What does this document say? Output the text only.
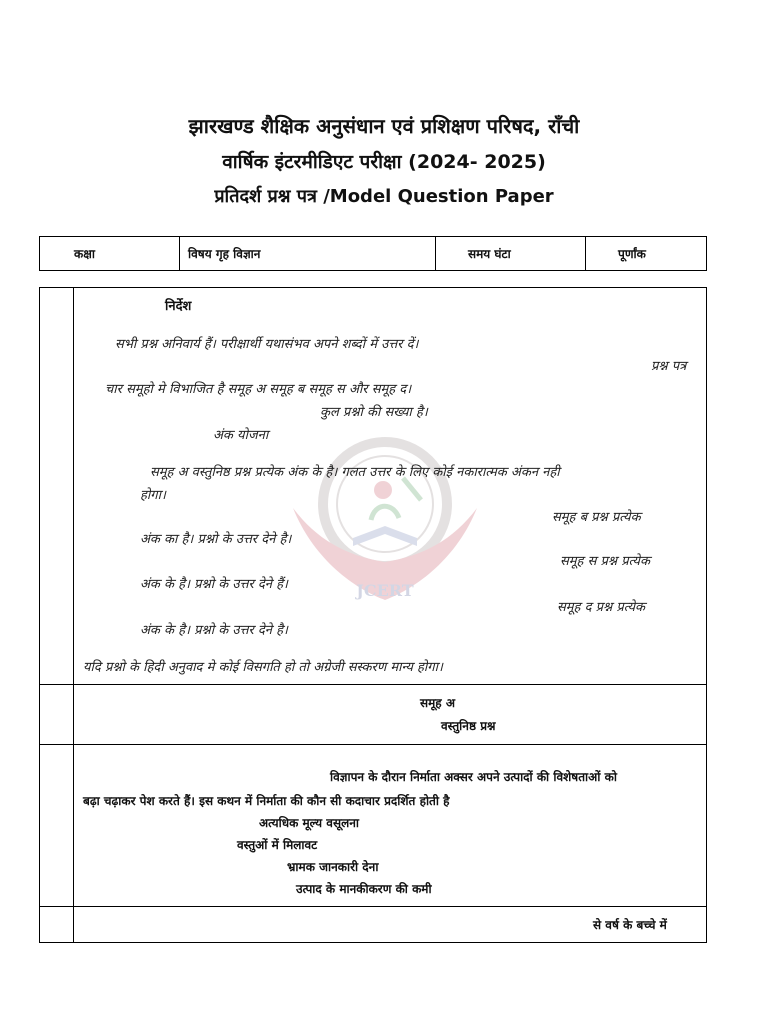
झारखण्ड शैक्षिक अनुसंधान एवं प्रशिक्षण परिषद, राँची
वार्षिक इंटरमीडिएट परीक्षा (2024- 2025)
प्रतिदर्श प्रश्न पत्र /Model Question Paper
कक्षा	विषय गृह विज्ञान	समय घंटा	पूर्णांक
JCERT
निर्देश
सभी प्रश्न अनिवार्य हैं। परीक्षार्थी यथासंभव अपने शब्दों में उत्तर दें।
प्रश्न पत्र
चार समूहो मे विभाजित है समूह अ समूह ब समूह स और समूह द।
कुल प्रश्नो की सख्या है।
अंक योजना
समूह अ वस्तुनिष्ठ प्रश्न प्रत्येक अंक के है। गलत उत्तर के लिए कोई नकारात्मक अंकन नही
होगा।
समूह ब प्रश्न प्रत्येक
अंक का है। प्रश्नो के उत्तर देने है।
समूह स प्रश्न प्रत्येक
अंक के है। प्रश्नो के उत्तर देने हैं।
समूह द प्रश्न प्रत्येक
अंक के है। प्रश्नो के उत्तर देने है।
यदि प्रश्नो के हिदी अनुवाद मे कोई विसगति हो तो अग्रेजी सस्करण मान्य होगा।
समूह अ
वस्तुनिष्ठ प्रश्न
विज्ञापन के दौरान निर्माता अक्सर अपने उत्पादों की विशेषताओं को
बढ़ा चढ़ाकर पेश करते हैं। इस कथन में निर्माता की कौन सी कदाचार प्रदर्शित होती है
अत्यधिक मूल्य वसूलना
वस्तुओं में मिलावट
भ्रामक जानकारी देना
उत्पाद के मानकीकरण की कमी
से वर्ष के बच्चे में
